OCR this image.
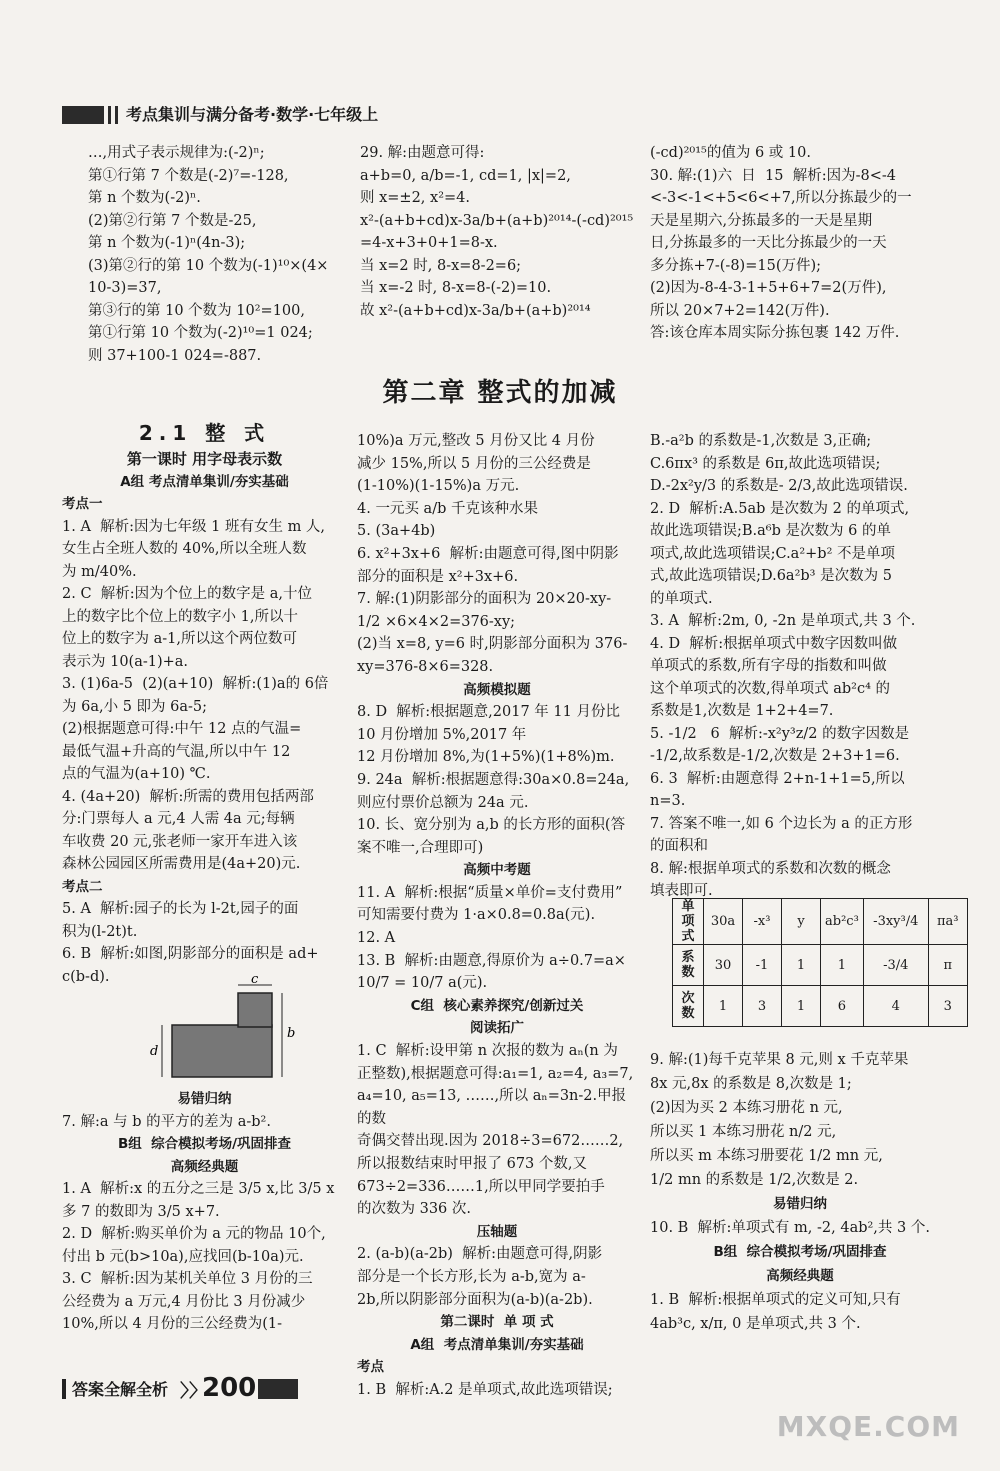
考点集训与满分备考·数学·七年级上
…,用式子表示规律为:(-2)ⁿ;
第①行第 7 个数是(-2)⁷=-128,
第 n 个数为(-2)ⁿ.
(2)第②行第 7 个数是-25,
第 n 个数为(-1)ⁿ(4n-3);
(3)第②行的第 10 个数为(-1)¹⁰×(4×
10-3)=37,
第③行的第 10 个数为 10²=100,
第①行第 10 个数为(-2)¹⁰=1 024;
则 37+100-1 024=-887.
29. 解:由题意可得:
a+b=0, a/b=-1, cd=1, |x|=2,
则 x=±2, x²=4.
x²-(a+b+cd)x-3a/b+(a+b)²⁰¹⁴-(-cd)²⁰¹⁵
=4-x+3+0+1=8-x.
当 x=2 时, 8-x=8-2=6;
当 x=-2 时, 8-x=8-(-2)=10.
故 x²-(a+b+cd)x-3a/b+(a+b)²⁰¹⁴
(-cd)²⁰¹⁵的值为 6 或 10.
30. 解:(1)六  日  15  解析:因为-8<-4
<-3<-1<+5<6<+7,所以分拣最少的一
天是星期六,分拣最多的一天是星期
日,分拣最多的一天比分拣最少的一天
多分拣+7-(-8)=15(万件);
(2)因为-8-4-3-1+5+6+7=2(万件),
所以 20×7+2=142(万件).
答:该仓库本周实际分拣包裹 142 万件.
第二章 整式的加减
2.1 整 式
第一课时 用字母表示数
A组 考点清单集训/夯实基础
考点一
1. A  解析:因为七年级 1 班有女生 m 人,
女生占全班人数的 40%,所以全班人数
为 m/40%.
2. C  解析:因为个位上的数字是 a,十位
上的数字比个位上的数字小 1,所以十
位上的数字为 a-1,所以这个两位数可
表示为 10(a-1)+a.
3. (1)6a-5  (2)(a+10)  解析:(1)a的 6倍
为 6a,小 5 即为 6a-5;
(2)根据题意可得:中午 12 点的气温=
最低气温+升高的气温,所以中午 12
点的气温为(a+10) ℃.
4. (4a+20)  解析:所需的费用包括两部
分:门票每人 a 元,4 人需 4a 元;每辆
车收费 20 元,张老师一家开车进入该
森林公园园区所需费用是(4a+20)元.
考点二
5. A  解析:园子的长为 l-2t,园子的面
积为(l-2t)t.
6. B  解析:如图,阴影部分的面积是 ad+
c(b-d).	c
b
d
易错归纳
7. 解:a 与 b 的平方的差为 a-b².
B组  综合模拟考场/巩固排查
高频经典题
1. A  解析:x 的五分之三是 3/5 x,比 3/5 x
多 7 的数即为 3/5 x+7.
2. D  解析:购买单价为 a 元的物品 10个,
付出 b 元(b>10a),应找回(b-10a)元.
3. C  解析:因为某机关单位 3 月份的三
公经费为 a 万元,4 月份比 3 月份减少
10%,所以 4 月份的三公经费为(1-
10%)a 万元,整改 5 月份又比 4 月份
减少 15%,所以 5 月份的三公经费是
(1-10%)(1-15%)a 万元.
4. 一元买 a/b 千克该种水果
5. (3a+4b)
6. x²+3x+6  解析:由题意可得,图中阴影
部分的面积是 x²+3x+6.
7. 解:(1)阴影部分的面积为 20×20-xy-
1/2 ×6×4×2=376-xy;
(2)当 x=8, y=6 时,阴影部分面积为 376-
xy=376-8×6=328.
高频模拟题
8. D  解析:根据题意,2017 年 11 月份比
10 月份增加 5%,2017 年
12 月份增加 8%,为(1+5%)(1+8%)m.
9. 24a  解析:根据题意得:30a×0.8=24a,
则应付票价总额为 24a 元.
10. 长、宽分别为 a,b 的长方形的面积(答
案不唯一,合理即可)
高频中考题
11. A  解析:根据“质量×单价=支付费用”
可知需要付费为 1·a×0.8=0.8a(元).
12. A
13. B  解析:由题意,得原价为 a÷0.7=a×
10/7 = 10/7 a(元).
C组  核心素养探究/创新过关
阅读拓广
1. C  解析:设甲第 n 次报的数为 aₙ(n 为
正整数),根据题意可得:a₁=1, a₂=4, a₃=7,
a₄=10, a₅=13, ……,所以 aₙ=3n-2.甲报的数
奇偶交替出现.因为 2018÷3=672……2,
所以报数结束时甲报了 673 个数,又
673÷2=336……1,所以甲同学要拍手
的次数为 336 次.
压轴题
2. (a-b)(a-2b)  解析:由题意可得,阴影
部分是一个长方形,长为 a-b,宽为 a-
2b,所以阴影部分面积为(a-b)(a-2b).
第二课时  单 项 式
A组  考点清单集训/夯实基础
考点
1. B  解析:A.2 是单项式,故此选项错误;
B.-a²b 的系数是-1,次数是 3,正确;
C.6πx³ 的系数是 6π,故此选项错误;
D.-2x²y/3 的系数是- 2/3,故此选项错误.
2. D  解析:A.5ab 是次数为 2 的单项式,
故此选项错误;B.a⁶b 是次数为 6 的单
项式,故此选项错误;C.a²+b² 不是单项
式,故此选项错误;D.6a²b³ 是次数为 5
的单项式.
3. A  解析:2m, 0, -2n 是单项式,共 3 个.
4. D  解析:根据单项式中数字因数叫做
单项式的系数,所有字母的指数和叫做
这个单项式的次数,得单项式 ab²c⁴ 的
系数是1,次数是 1+2+4=7.
5. -1/2   6  解析:-x²y³z/2 的数字因数是
-1/2,故系数是-1/2,次数是 2+3+1=6.
6. 3  解析:由题意得 2+n-1+1=5,所以
n=3.
7. 答案不唯一,如 6 个边长为 a 的正方形
的面积和
8. 解:根据单项式的系数和次数的概念
填表即可.
单项式	30a	-x³	y	ab²c³	-3xy³/4	πa³
系数	30	-1	1	1	-3/4	π
次数	1	3	1	6	4	3
9. 解:(1)每千克苹果 8 元,则 x 千克苹果
8x 元,8x 的系数是 8,次数是 1;
(2)因为买 2 本练习册花 n 元,
所以买 1 本练习册花 n/2 元,
所以买 m 本练习册要花 1/2 mn 元,
1/2 mn 的系数是 1/2,次数是 2.
易错归纳
10. B  解析:单项式有 m, -2, 4ab²,共 3 个.
B组  综合模拟考场/巩固排查
高频经典题
1. B  解析:根据单项式的定义可知,只有
4ab³c, x/π, 0 是单项式,共 3 个.
答案全解全析 〉〉
200
MXQE.COM
